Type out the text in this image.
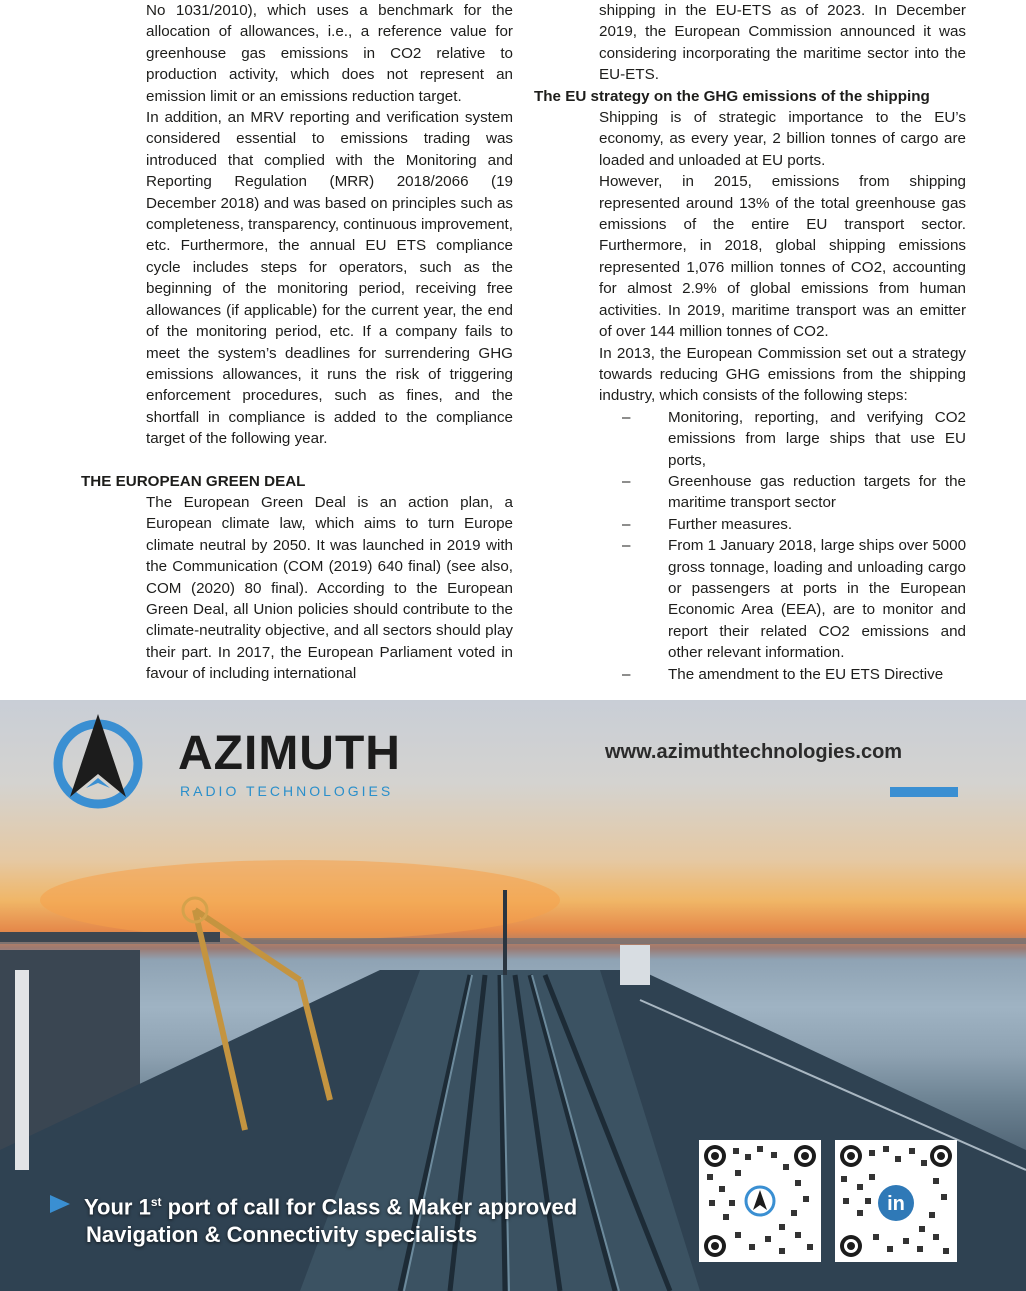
No 1031/2010), which uses a benchmark for the allocation of allowances, i.e., a reference value for greenhouse gas emissions in CO2 relative to production activity, which does not represent an emission limit or an emissions reduction target.

In addition, an MRV reporting and verification system considered essential to emissions trading was introduced that complied with the Monitoring and Reporting Regulation (MRR) 2018/2066 (19 December 2018) and was based on principles such as completeness, transparency, continuous improvement, etc. Furthermore, the annual EU ETS compliance cycle includes steps for operators, such as the beginning of the monitoring period, receiving free allowances (if applicable) for the current year, the end of the monitoring period, etc. If a company fails to meet the system’s deadlines for surrendering GHG emissions allowances, it runs the risk of triggering enforcement procedures, such as fines, and the shortfall in compliance is added to the compliance target of the following year.

THE EUROPEAN GREEN DEAL

The European Green Deal is an action plan, a European climate law, which aims to turn Europe climate neutral by 2050. It was launched in 2019 with the Communication (COM (2019) 640 final) (see also, COM (2020) 80 final). According to the European Green Deal, all Union policies should contribute to the climate-neutrality objective, and all sectors should play their part. In 2017, the European Parliament voted in favour of including international

shipping in the EU-ETS as of 2023. In December 2019, the European Commission announced it was considering incorporating the maritime sector into the EU-ETS.

The EU strategy on the GHG emissions of the shipping

Shipping is of strategic importance to the EU’s economy, as every year, 2 billion tonnes of cargo are loaded and unloaded at EU ports.

However, in 2015, emissions from shipping represented around 13% of the total greenhouse gas emissions of the entire EU transport sector. Furthermore, in 2018, global shipping emissions represented 1,076 million tonnes of CO2, accounting for almost 2.9% of global emissions from human activities. In 2019, maritime transport was an emitter of over 144 million tonnes of CO2.

In 2013, the European Commission set out a strategy towards reducing GHG emissions from the shipping industry, which consists of the following steps:

– Monitoring, reporting, and verifying CO2 emissions from large ships that use EU ports,
– Greenhouse gas reduction targets for the maritime transport sector
– Further measures.
– From 1 January 2018, large ships over 5000 gross tonnage, loading and unloading cargo or passengers at ports in the European Economic Area (EEA), are to monitor and report their related CO2 emissions and other relevant information.
– The amendment to the EU ETS Directive
AZIMUTH
RADIO TECHNOLOGIES
www.azimuthtechnologies.com
Your 1st port of call for Class & Maker approved
Navigation & Connectivity specialists
in
